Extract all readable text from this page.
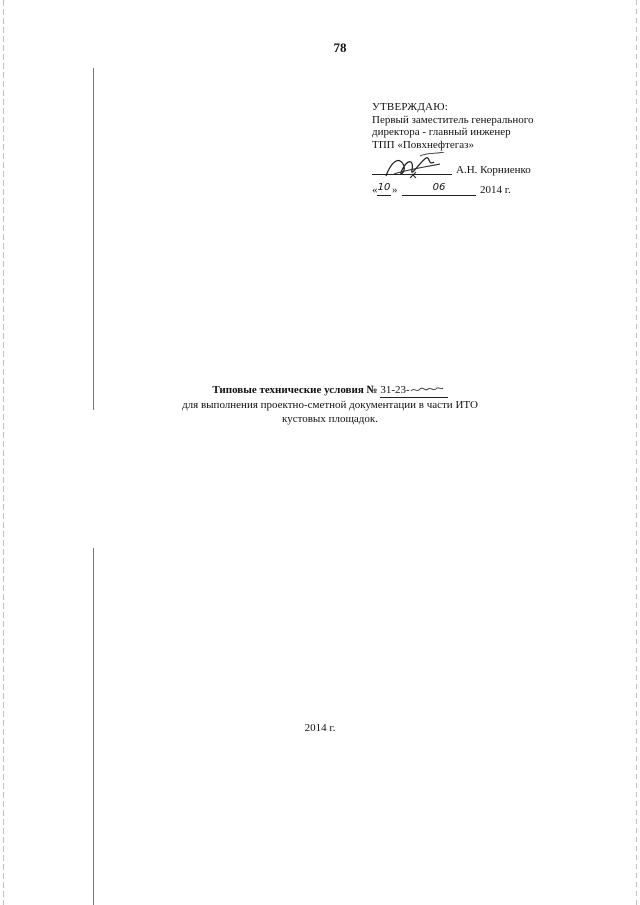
78
УТВЕРЖДАЮ:
Первый заместитель генерального
директора - главный инженер
ТПП «Повхнефтегаз»
А.Н. Корниенко
« 10 »	06	2014 г.
Типовые технические условия № 31-23-
для выполнения проектно-сметной документации в части ИТО
кустовых площадок.
2014 г.
